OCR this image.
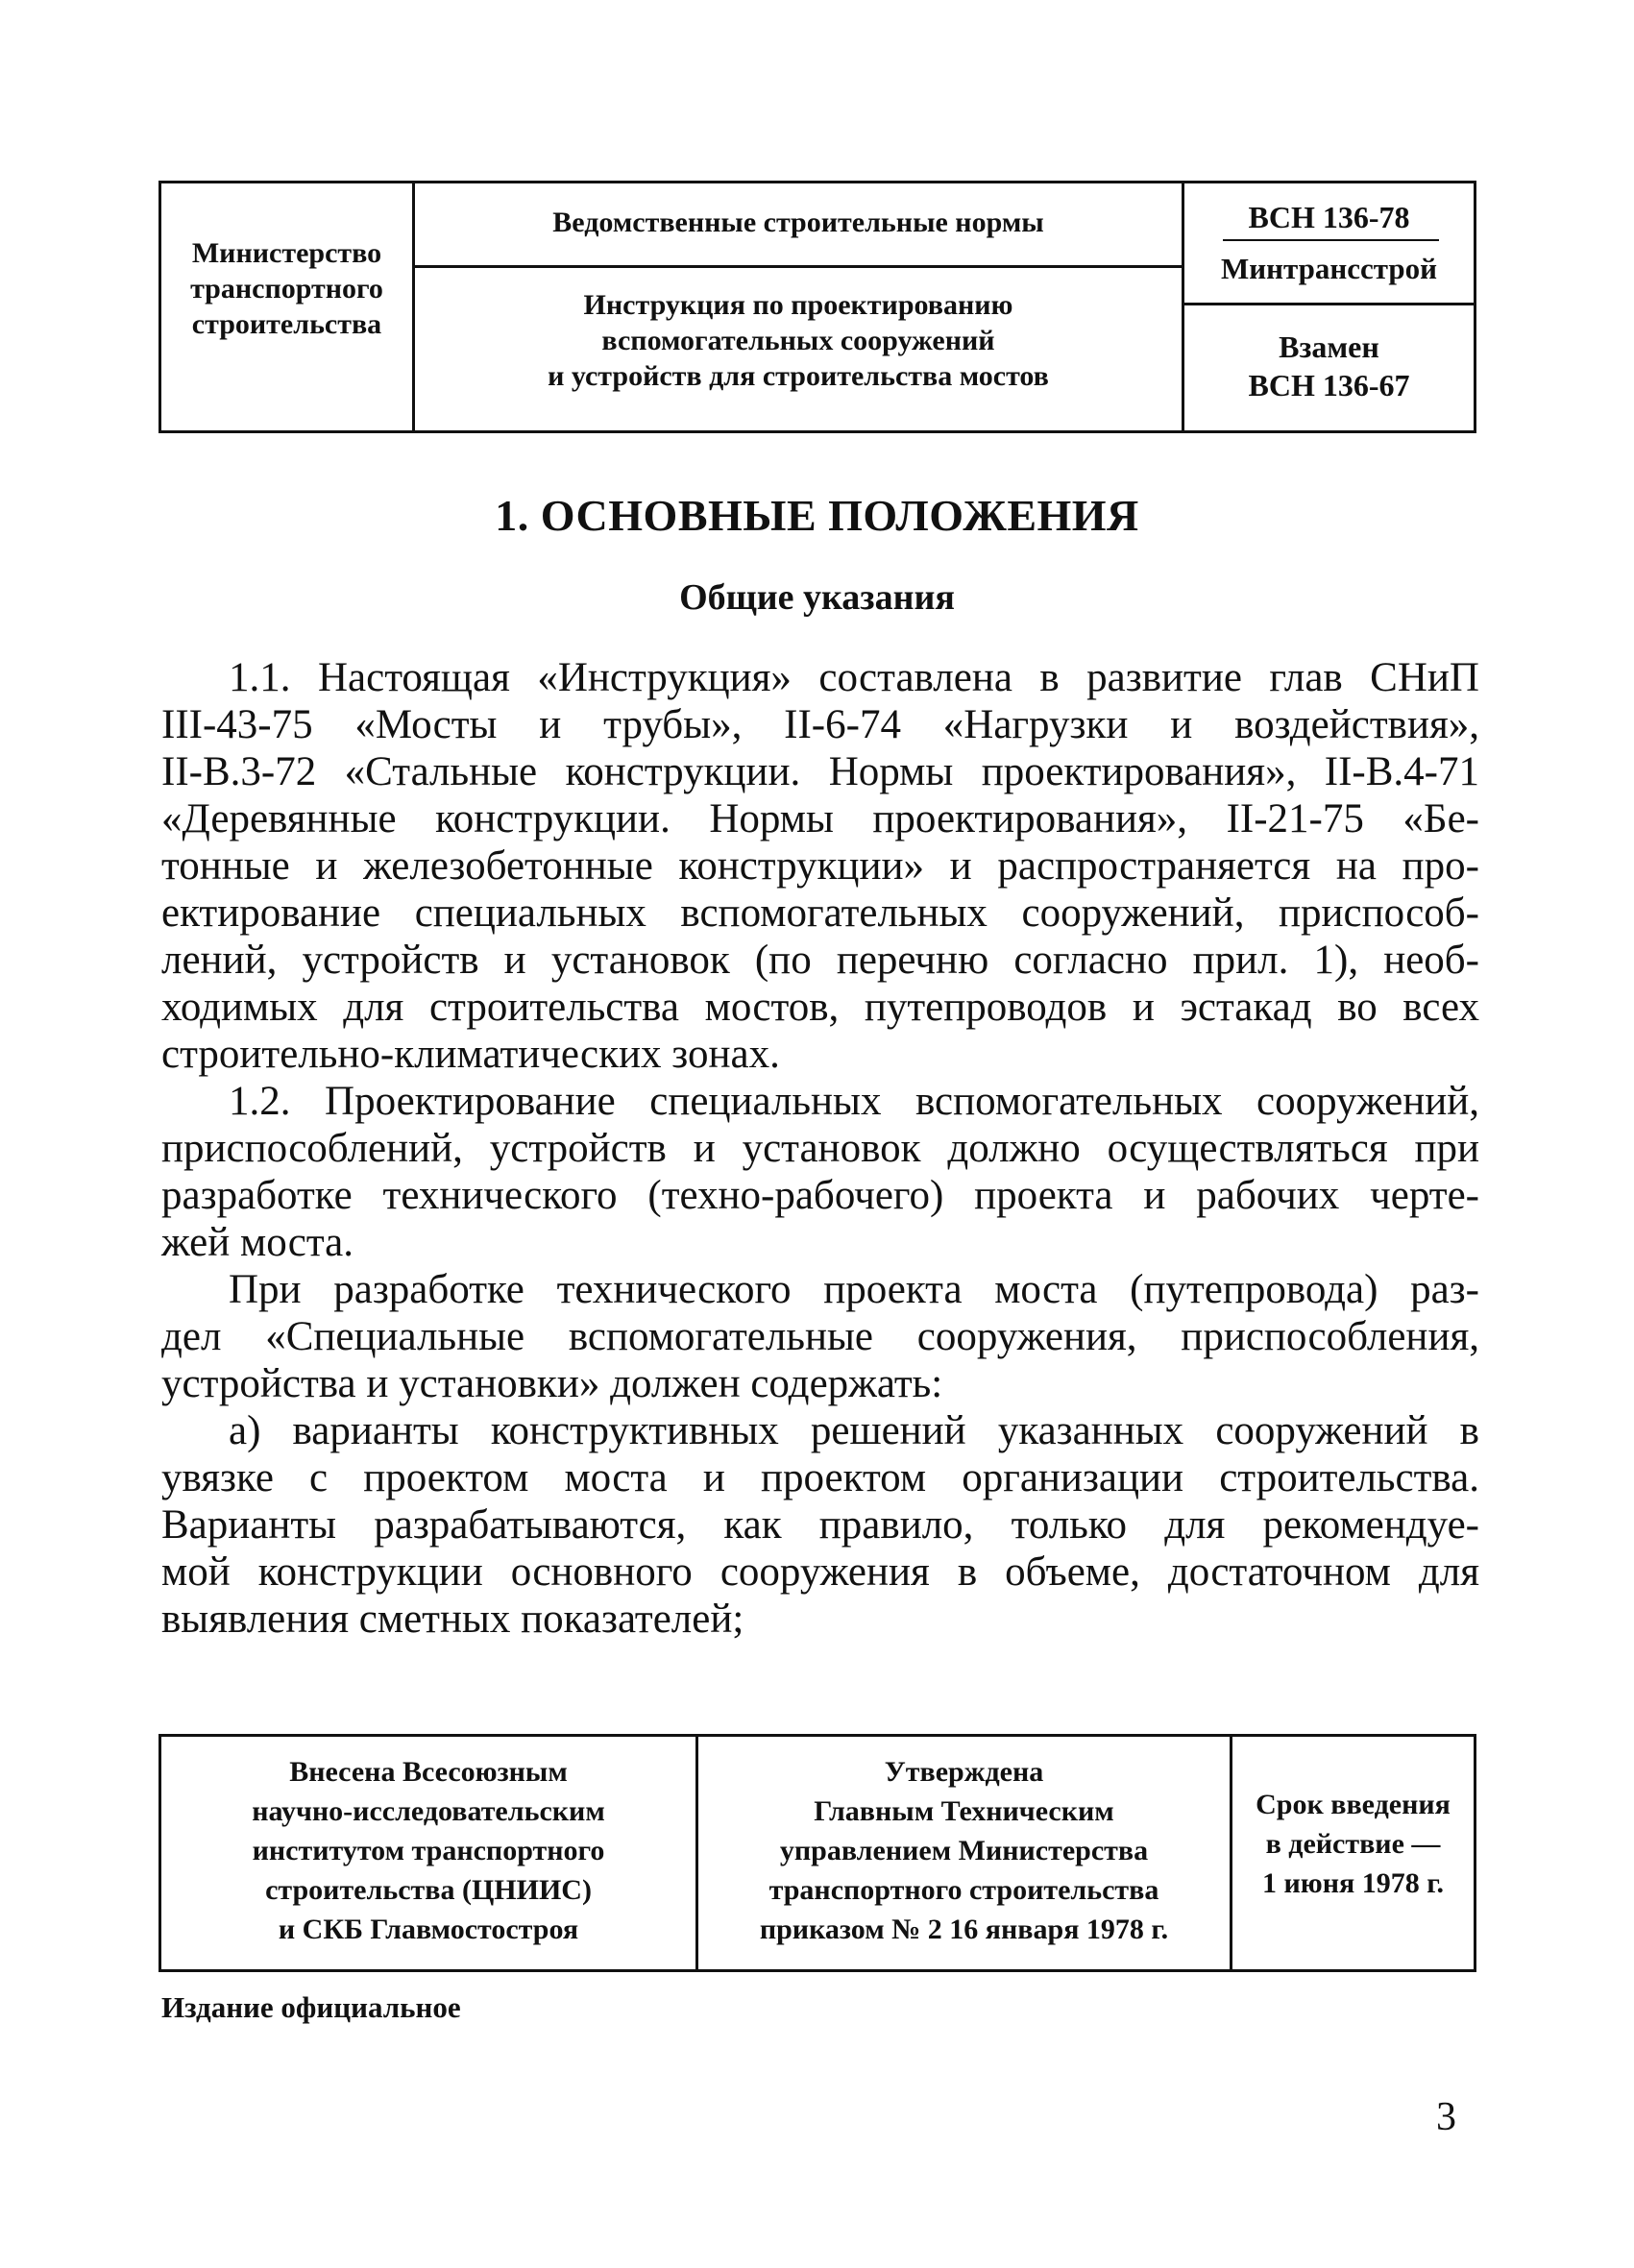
Министерство
транспортного
строительства
Ведомственные строительные нормы
Инструкция по проектированию
вспомогательных сооружений
и устройств для строительства мостов
ВСН 136-78
Минтрансстрой
Взамен
ВСН 136-67
1. ОСНОВНЫЕ ПОЛОЖЕНИЯ
Общие указания
1.1. Настоящая «Инструкция» составлена в развитие глав СНиП
III-43-75 «Мосты и трубы», II-6-74 «Нагрузки и воздействия»,
II-B.3-72 «Стальные конструкции. Нормы проектирования», II-B.4-71
«Деревянные конструкции. Нормы проектирования», II-21-75 «Бе-
тонные и железобетонные конструкции» и распространяется на про-
ектирование специальных вспомогательных сооружений, приспособ-
лений, устройств и установок (по перечню согласно прил. 1), необ-
ходимых для строительства мостов, путепроводов и эстакад во всех
строительно-климатических зонах.
1.2. Проектирование специальных вспомогательных сооружений,
приспособлений, устройств и установок должно осуществляться при
разработке технического (техно-рабочего) проекта и рабочих черте-
жей моста.
При разработке технического проекта моста (путепровода) раз-
дел «Специальные вспомогательные сооружения, приспособления,
устройства и установки» должен содержать:
а) варианты конструктивных решений указанных сооружений в
увязке с проектом моста и проектом организации строительства.
Варианты разрабатываются, как правило, только для рекомендуе-
мой конструкции основного сооружения в объеме, достаточном для
выявления сметных показателей;
Внесена Всесоюзным
научно-исследовательским
институтом транспортного
строительства (ЦНИИС)
и СКБ Главмостостроя
Утверждена
Главным Техническим
управлением Министерства
транспортного строительства
приказом № 2 16 января 1978 г.
Срок введения
в действие —
1 июня 1978 г.
Издание официальное
3
